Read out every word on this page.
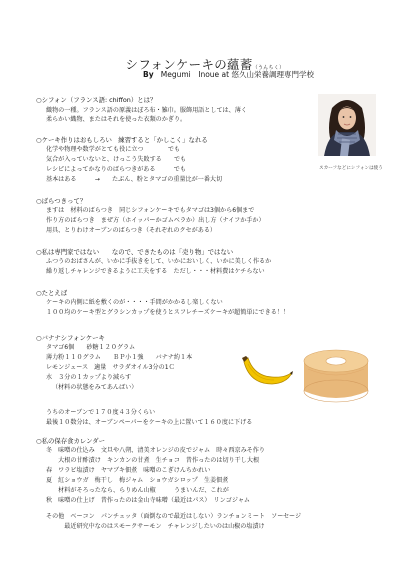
シフォンケーキの蘊蓄（うんちく）
By Megumi　Inoue at 悠久山栄養調理専門学校
○シフォン（フランス語: chiffon）とは？
織物の一種。フランス語の原義はぼろ布・雑巾。服飾用語としては、薄く
柔らかい織物、またはそれを使った衣類のかぎり。
スカーフなどにシフォンは使う
○ケーキ作りはおもしろい　練習すると「かしこく」なれる
化学や物理や数学がとても役に立つ　　　　でも
気合が入っていないと、けっこう失敗する　　でも
レシピによってかなりのばらつきがある　　　でも
基本はある　　　→　　たぶん、粉とタマゴの重量比が一番大切
○ばらつきって？
ますは　材料のばらつき　同じシフォンケーキでもタマゴは3個から6個まで
作り方のばらつき　まぜ方（ホイッパーかゴムベラか）出し方（ナイフか手か）
用具、とりわけオーブンのばらつき（それぞれのクセがある）
○私は専門家ではない　　なので、できたものは「売り物」ではない
ふつうのおばさんが、いかに手抜きをして、いかにおいしく、いかに美しく作るか
繰り返しチャレンジできるように工夫をする　ただし・・・材料費はケチらない
○たとえば
ケーキの内側に紙を敷くのが・・・・手間がかかるし楽しくない
１００均のケーキ型とグラシンカップを使うとスフレチーズケーキが超簡単にできる！！
○バナナシフォンケーキ
タマゴ6個　　砂糖１２０グラム
薄力粉１１０グラム　　ＢＰ小１強　　バナナ約１本
レモンジュース　適量　サラダオイル3分の1Ｃ
水　３分の１カップより減らす
（材料の状態をみてあんばい）
うちのオーブンで１７０度４３分くらい
最後１０数分は、オーブンペーパーをケーキの上に置いて１６０度に下げる
○私の保存食カレンダー
冬　味噌の仕込み　文旦や八朔、清美オレンジの皮でジャム　時々西京みそ作り
　　大根の甘酢漬け　キンカンの甘煮　生チョコ　昔作ったのは切り干し大根
春　ワラビ塩漬け　ヤマブキ佃煮　味噌のこぎけんちかれい
夏　紅ショウガ　梅干し　梅ジャム　ショウガシロップ　生姜佃煮
　　材料がそろったなら、らりめん山椒　　　うまいんだ、これが
秋　味噌の仕上げ　昔作ったのは金山寺味噌（最近はパス）　リンゴジャム
その他　ベーコン　パンチェッタ（面倒なので最近はしない）ランチョンミート　ソーセージ
　　　最近研究中なのはスモークサーモン　チャレンジしたいのは山椒の塩漬け
